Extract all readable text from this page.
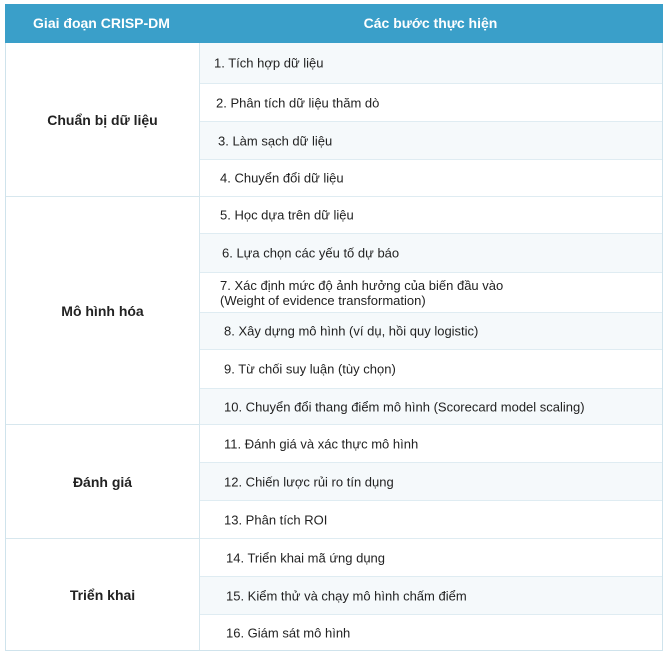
Giai đoạn CRISP-DM	Các bước thực hiện
Chuẩn bị dữ liệu
Mô hình hóa
Đánh giá
Triển khai
1. Tích hợp dữ liệu
2. Phân tích dữ liệu thăm dò
3. Làm sạch dữ liệu
4. Chuyển đổi dữ liệu
5. Học dựa trên dữ liệu
6. Lựa chọn các yếu tố dự báo
7. Xác định mức độ ảnh hưởng của biến đầu vào
(Weight of evidence transformation)
8. Xây dựng mô hình (ví dụ, hồi quy logistic)
9. Từ chối suy luận (tùy chọn)
10. Chuyển đổi thang điểm mô hình (Scorecard model scaling)
11. Đánh giá và xác thực mô hình
12. Chiến lược rủi ro tín dụng
13. Phân tích ROI
14. Triển khai mã ứng dụng
15. Kiểm thử và chạy mô hình chấm điểm
16. Giám sát mô hình
